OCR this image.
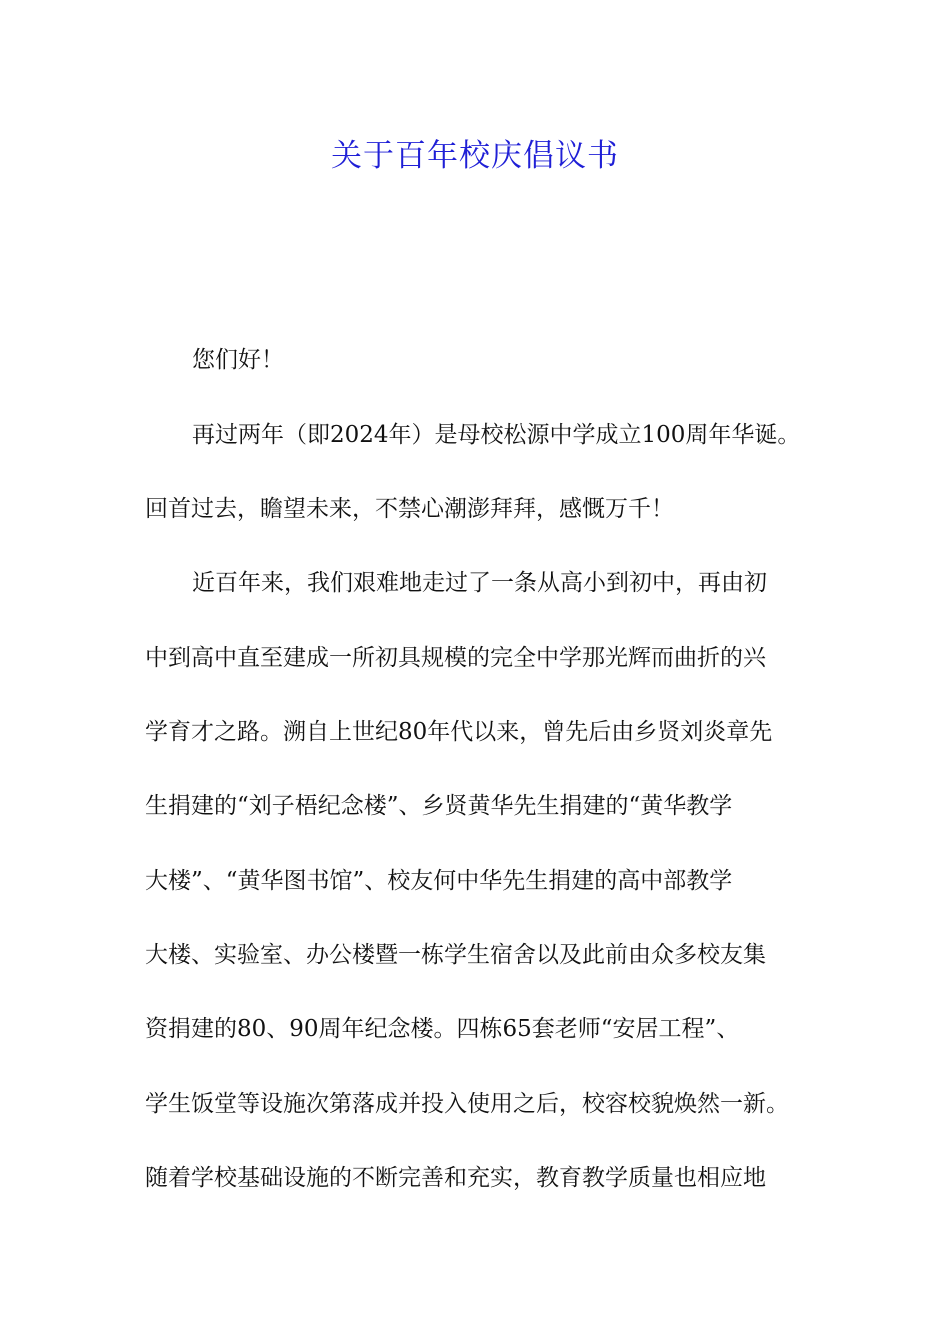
关于百年校庆倡议书

您们好！

再过两年（即2024年）是母校松源中学成立100周年华诞。

回首过去，瞻望未来，不禁心潮澎拜拜，感慨万千！

近百年来，我们艰难地走过了一条从高小到初中，再由初

中到高中直至建成一所初具规模的完全中学那光辉而曲折的兴

学育才之路。溯自上世纪80年代以来，曾先后由乡贤刘炎章先

生捐建的“刘子梧纪念楼”、乡贤黄华先生捐建的“黄华教学

大楼”、“黄华图书馆”、校友何中华先生捐建的高中部教学

大楼、实验室、办公楼暨一栋学生宿舍以及此前由众多校友集

资捐建的80、90周年纪念楼。四栋65套老师“安居工程”、

学生饭堂等设施次第落成并投入使用之后，校容校貌焕然一新。

随着学校基础设施的不断完善和充实，教育教学质量也相应地
